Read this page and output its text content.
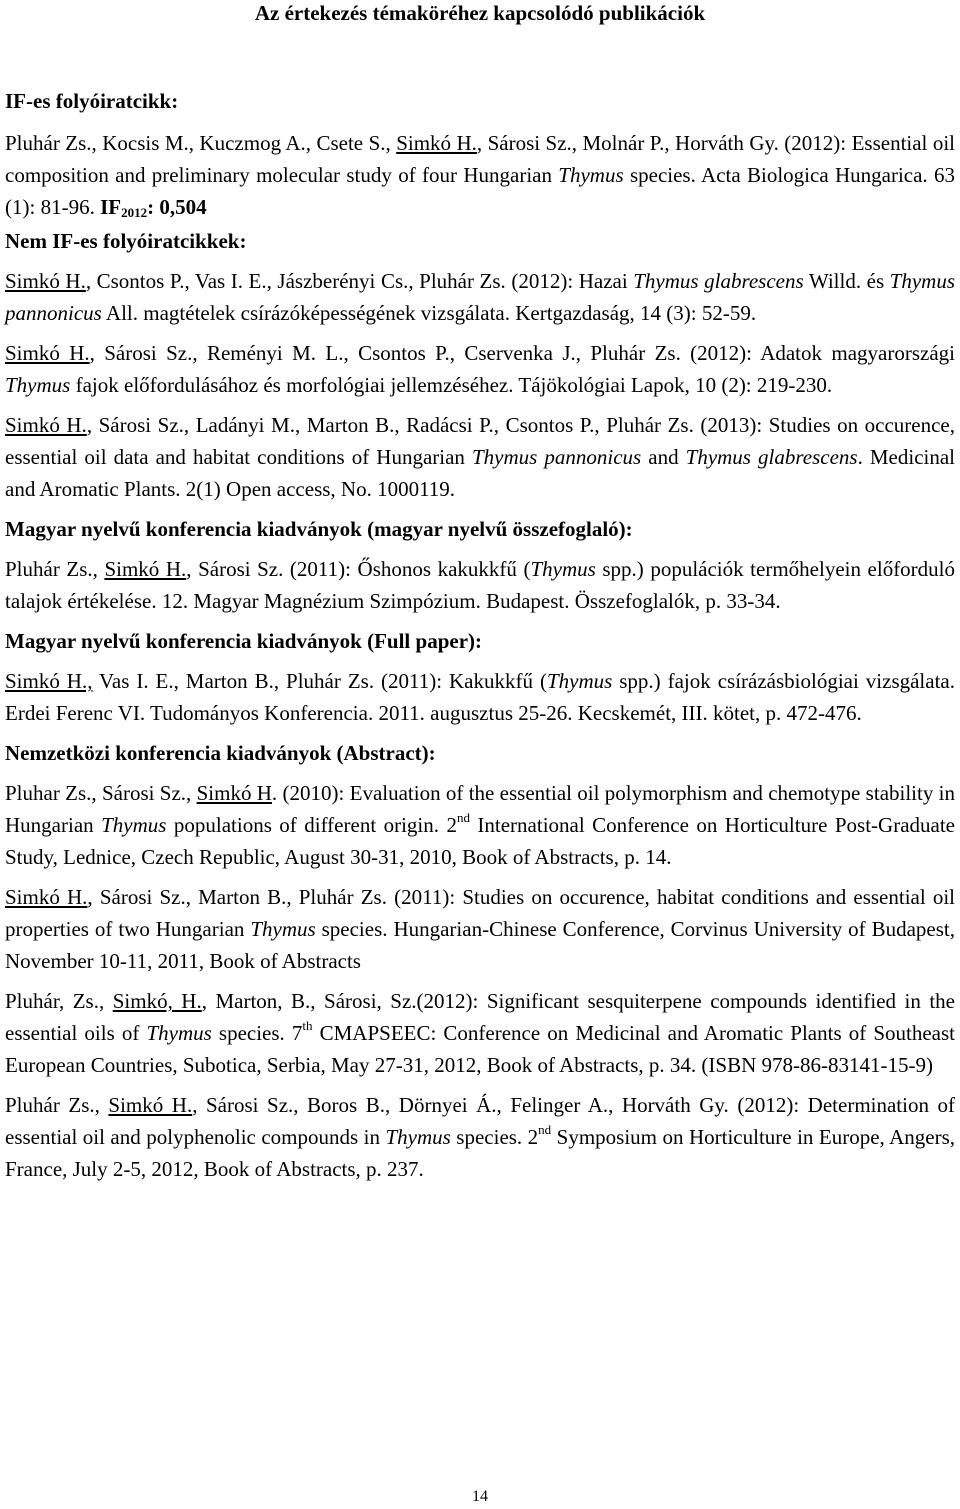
Az értekezés témaköréhez kapcsolódó publikációk

IF-es folyóiratcikk:

Pluhár Zs., Kocsis M., Kuczmog A., Csete S., Simkó H., Sárosi Sz., Molnár P., Horváth Gy. (2012): Essential oil composition and preliminary molecular study of four Hungarian Thymus species. Acta Biologica Hungarica. 63 (1): 81-96. $IF_{2012}$: 0,504

Nem IF-es folyóiratcikkek:

Simkó H., Csontos P., Vas I. E., Jászberényi Cs., Pluhár Zs. (2012): Hazai Thymus glabrescens Willd. és Thymus pannonicus All. magtételek csírázóképességének vizsgálata. Kertgazdaság, 14 (3): 52-59.

Simkó H., Sárosi Sz., Reményi M. L., Csontos P., Cservenka J., Pluhár Zs. (2012): Adatok magyarországi Thymus fajok előfordulásához és morfológiai jellemzéséhez. Tájökológiai Lapok, 10 (2): 219-230.

Simkó H., Sárosi Sz., Ladányi M., Marton B., Radácsi P., Csontos P., Pluhár Zs. (2013): Studies on occurence, essential oil data and habitat conditions of Hungarian Thymus pannonicus and Thymus glabrescens. Medicinal and Aromatic Plants. 2(1) Open access, No. 1000119.

Magyar nyelvű konferencia kiadványok (magyar nyelvű összefoglaló):

Pluhár Zs., Simkó H., Sárosi Sz. (2011): Őshonos kakukkfű (Thymus spp.) populációk termőhelyein előforduló talajok értékelése. 12. Magyar Magnézium Szimpózium. Budapest. Összefoglalók, p. 33-34.

Magyar nyelvű konferencia kiadványok (Full paper):

Simkó H., Vas I. E., Marton B., Pluhár Zs. (2011): Kakukkfű (Thymus spp.) fajok csírázásbiológiai vizsgálata. Erdei Ferenc VI. Tudományos Konferencia. 2011. augusztus 25-26. Kecskemét, III. kötet, p. 472-476.

Nemzetközi konferencia kiadványok (Abstract):

Pluhar Zs., Sárosi Sz., Simkó H. (2010): Evaluation of the essential oil polymorphism and chemotype stability in Hungarian Thymus populations of different origin. 2nd International Conference on Horticulture Post-Graduate Study, Lednice, Czech Republic, August 30-31, 2010, Book of Abstracts, p. 14.

Simkó H., Sárosi Sz., Marton B., Pluhár Zs. (2011): Studies on occurence, habitat conditions and essential oil properties of two Hungarian Thymus species. Hungarian-Chinese Conference, Corvinus University of Budapest, November 10-11, 2011, Book of Abstracts

Pluhár, Zs., Simkó, H., Marton, B., Sárosi, Sz.(2012): Significant sesquiterpene compounds identified in the essential oils of Thymus species. 7th CMAPSEEC: Conference on Medicinal and Aromatic Plants of Southeast European Countries, Subotica, Serbia, May 27-31, 2012, Book of Abstracts, p. 34. (ISBN 978-86-83141-15-9)

Pluhár Zs., Simkó H., Sárosi Sz., Boros B., Dörnyei Á., Felinger A., Horváth Gy. (2012): Determination of essential oil and polyphenolic compounds in Thymus species. 2nd Symposium on Horticulture in Europe, Angers, France, July 2-5, 2012, Book of Abstracts, p. 237.

14
